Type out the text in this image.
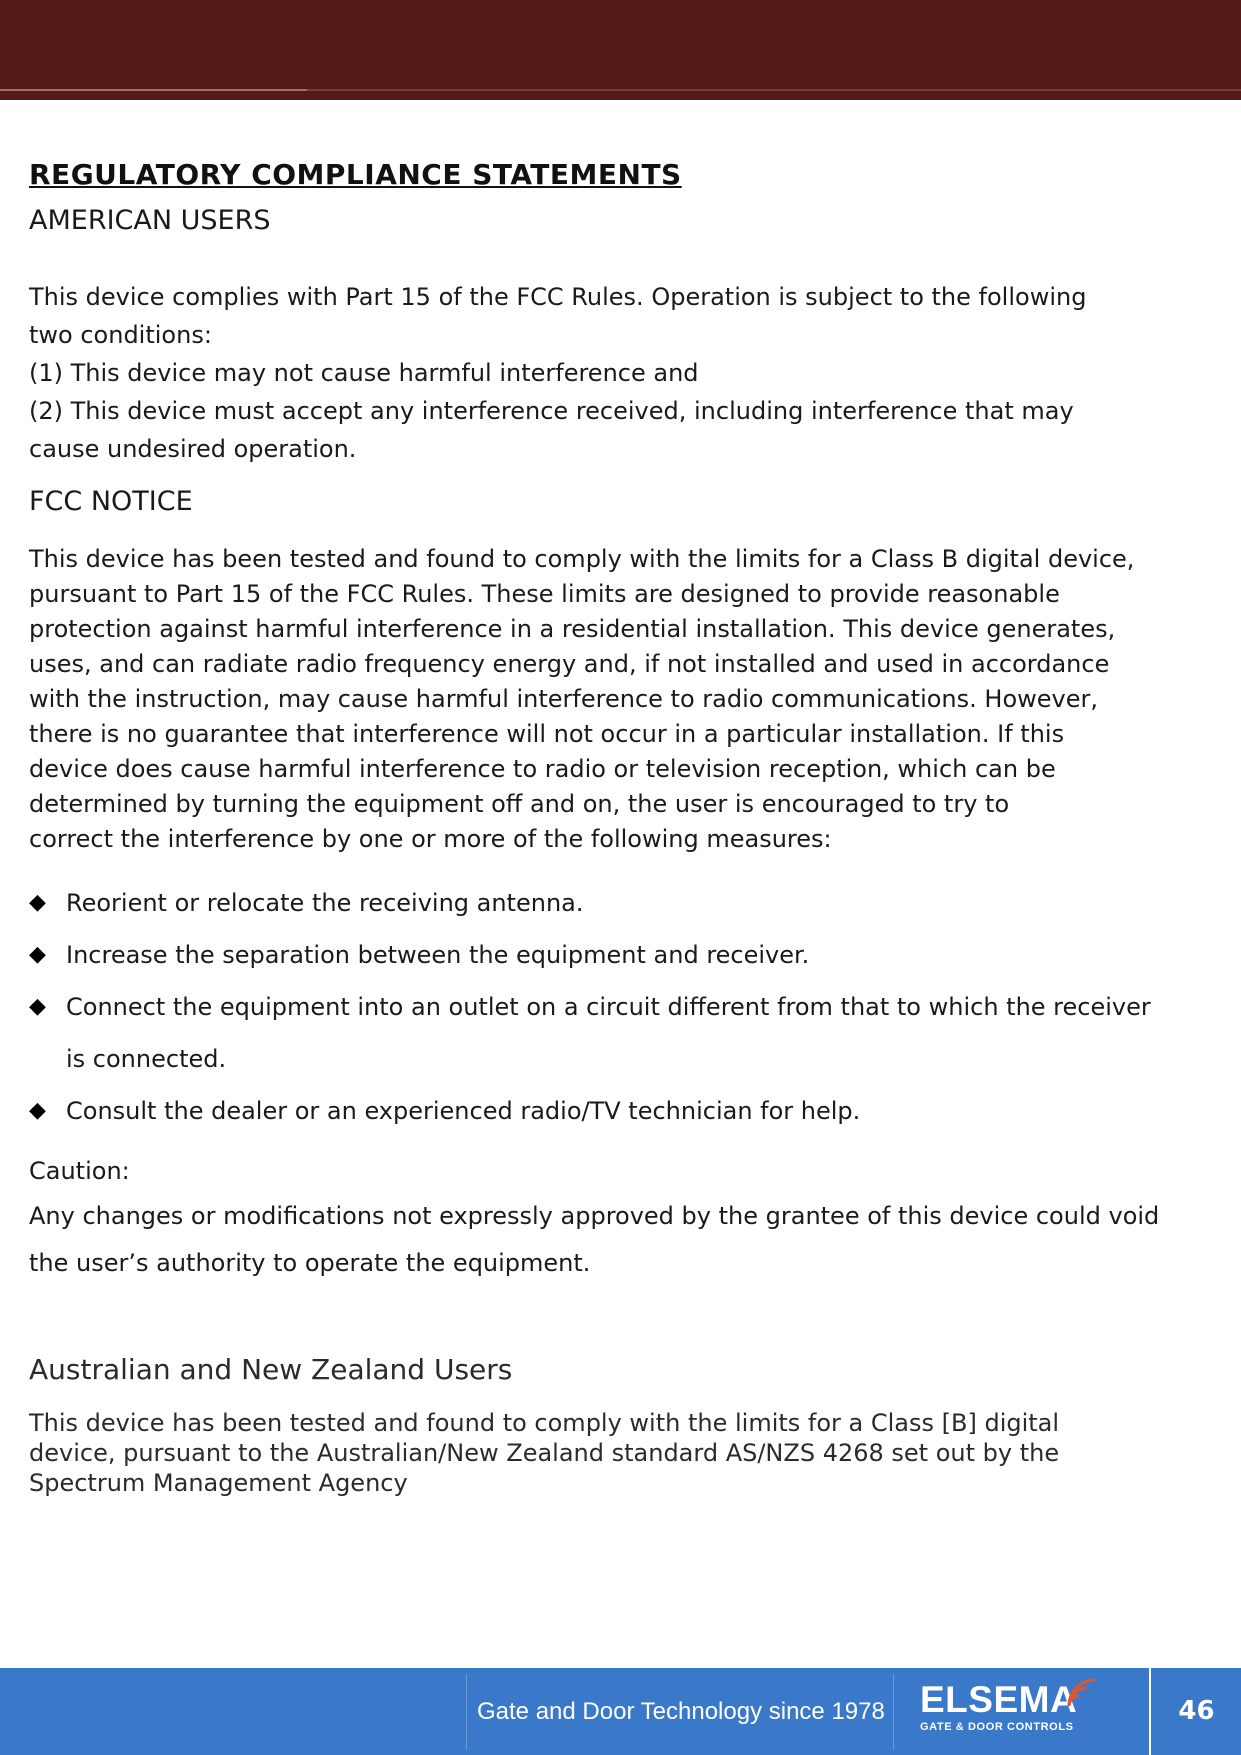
REGULATORY COMPLIANCE STATEMENTS
AMERICAN USERS

This device complies with Part 15 of the FCC Rules. Operation is subject to the following
two conditions:
(1) This device may not cause harmful interference and
(2) This device must accept any interference received, including interference that may
cause undesired operation.

FCC NOTICE

This device has been tested and found to comply with the limits for a Class B digital device,
pursuant to Part 15 of the FCC Rules. These limits are designed to provide reasonable
protection against harmful interference in a residential installation. This device generates,
uses, and can radiate radio frequency energy and, if not installed and used in accordance
with the instruction, may cause harmful interference to radio communications. However,
there is no guarantee that interference will not occur in a particular installation. If this
device does cause harmful interference to radio or television reception, which can be
determined by turning the equipment off and on, the user is encouraged to try to
correct the interference by one or more of the following measures:

◆ Reorient or relocate the receiving antenna.
◆ Increase the separation between the equipment and receiver.
◆ Connect the equipment into an outlet on a circuit different from that to which the receiver
is connected.
◆ Consult the dealer or an experienced radio/TV technician for help.

Caution:

Any changes or modifications not expressly approved by the grantee of this device could void
the user’s authority to operate the equipment.

Australian and New Zealand Users

This device has been tested and found to comply with the limits for a Class [B] digital
device, pursuant to the Australian/New Zealand standard AS/NZS 4268 set out by the
Spectrum Management Agency

Gate and Door Technology since 1978 ELSEMA
GATE & DOOR CONTROLS
46
